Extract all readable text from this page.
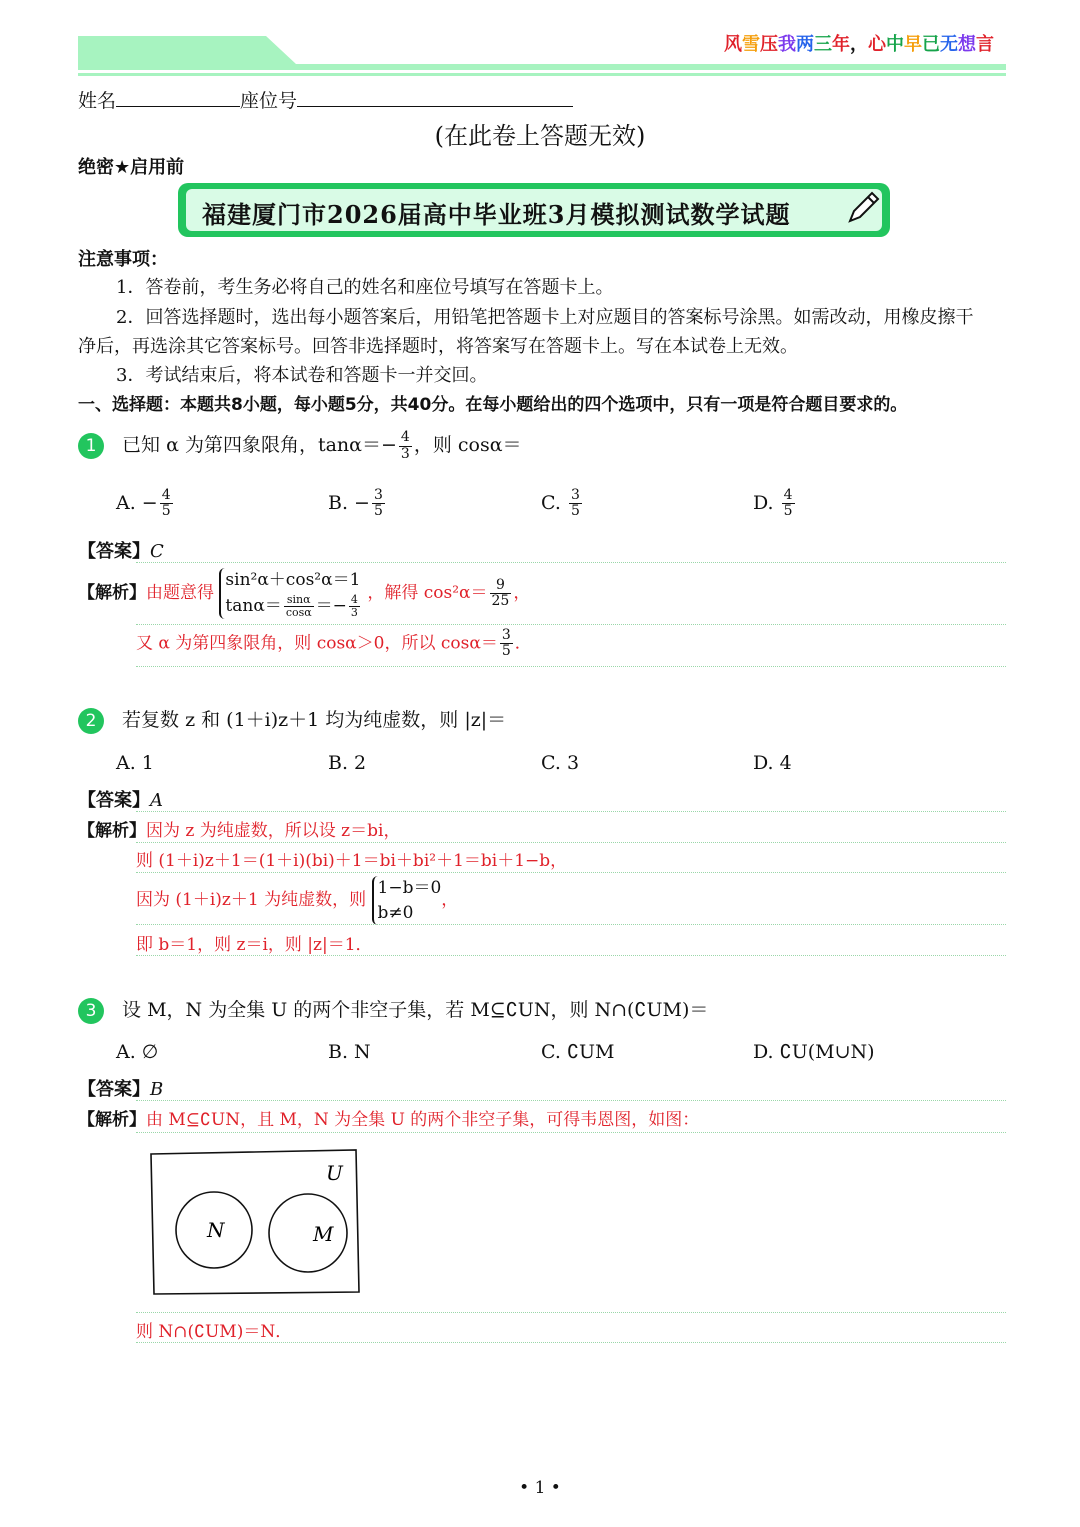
风雪压我两三年，心中早已无想言
姓名	座位号
(在此卷上答题无效)
绝密★启用前
福建厦门市2026届高中毕业班3月模拟测试数学试题
注意事项：
1．答卷前，考生务必将自己的姓名和座位号填写在答题卡上。
2．回答选择题时，选出每小题答案后，用铅笔把答题卡上对应题目的答案标号涂黑。如需改动，用橡皮擦干
净后，再选涂其它答案标号。回答非选择题时，将答案写在答题卡上。写在本试卷上无效。
3．考试结束后，将本试卷和答题卡一并交回。
一、选择题：本题共8小题，每小题5分，共40分。在每小题给出的四个选项中，只有一项是符合题目要求的。
1 已知 α 为第四象限角，$\tan\alpha=- \frac{4}{3}$ ，则 cosα＝
A. − $\frac{4}{5}$	B. − $\frac{3}{5}$	C. $\frac{3}{5}$	D. $\frac{4}{5}$
【答案】C
【解析】由题意得
sin²α＋cos²α＝1
$\tan\alpha= \frac{\sin\alpha}{\cos\alpha} =- \frac{4}{3}$
，解得 $\cos^2\alpha= \frac{9}{25}$ ，
又 α 为第四象限角，则 cosα＞0，所以 $\cos\alpha= \frac{3}{5}$ ．
2 若复数 z 和 (1＋i)z＋1 均为纯虚数，则 |z|＝
A. 1	B. 2	C. 3	D. 4
【答案】A
【解析】因为 z 为纯虚数，所以设 z＝bi，
则 (1＋i)z＋1＝(1＋i)(bi)＋1＝bi＋bi²＋1＝bi＋1−b，
因为 (1＋i)z＋1 为纯虚数，则
1−b＝0
b≠0
，
即 b＝1，则 z＝i，则 |z|＝1．
3 设 M，N 为全集 U 的两个非空子集，若 M⊆∁UN，则 N∩(∁UM)＝
A. ∅	B. N	C. ∁UM	D. ∁U(M∪N)
【答案】B
【解析】由 M⊆∁UN，且 M，N 为全集 U 的两个非空子集，可得韦恩图，如图：
U
N	M
则 N∩(∁UM)＝N．
• 1 •
